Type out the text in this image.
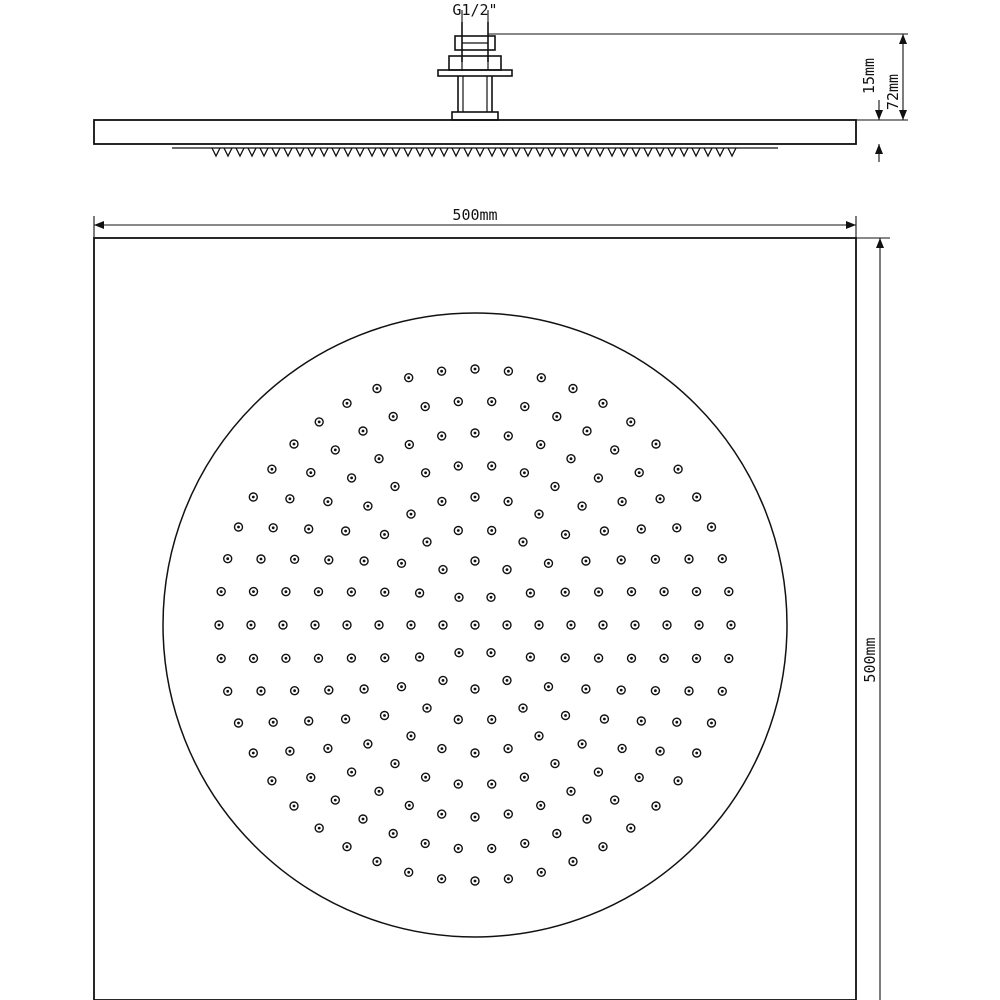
G1/2"
15mm 72mm
500mm
500mm
